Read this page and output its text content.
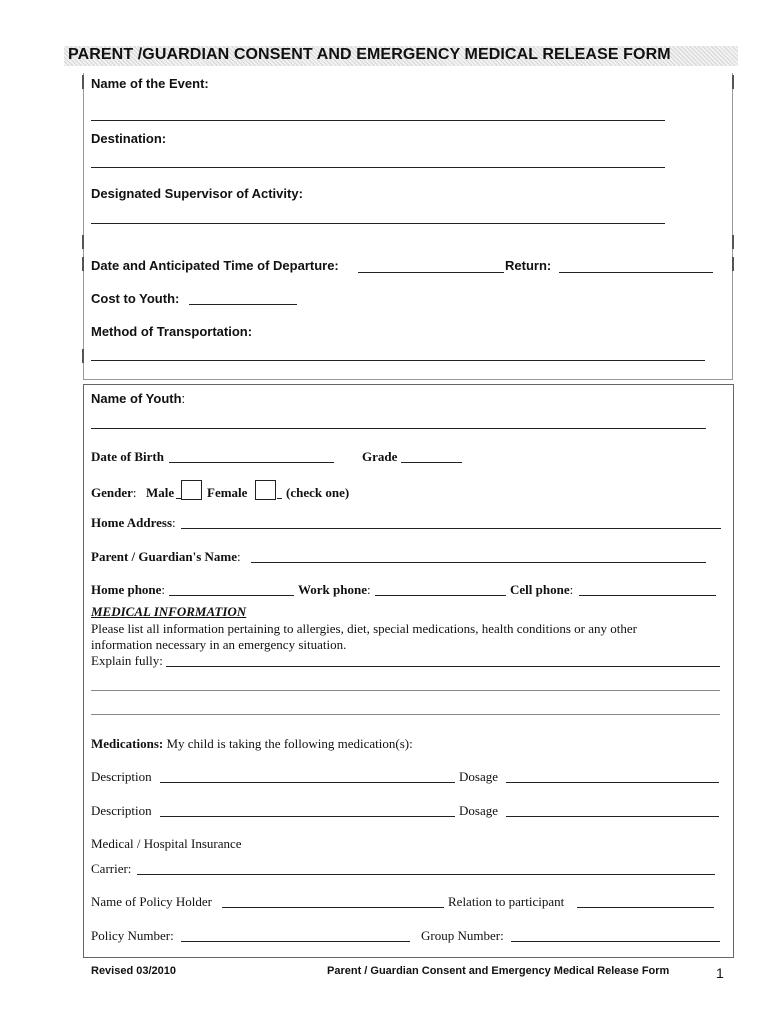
PARENT /GUARDIAN CONSENT AND EMERGENCY MEDICAL RELEASE FORM
Name of the Event:
Destination:
Designated Supervisor of Activity:
Date and Anticipated Time of Departure:	Return:
Cost to Youth:
Method of Transportation:
Name of Youth:
Date of Birth	Grade
Gender: Male	Female	(check one)
Home Address:
Parent / Guardian's Name:
Home phone:	Work phone:	Cell phone:
MEDICAL INFORMATION
Please list all information pertaining to allergies, diet, special medications, health conditions or any other
information necessary in an emergency situation.
Explain fully:
Medications: My child is taking the following medication(s):
Description	Dosage
Description	Dosage
Medical / Hospital Insurance
Carrier:
Name of Policy Holder	Relation to participant
Policy Number:	Group Number:
Revised 03/2010	Parent / Guardian Consent and Emergency Medical Release Form	1
